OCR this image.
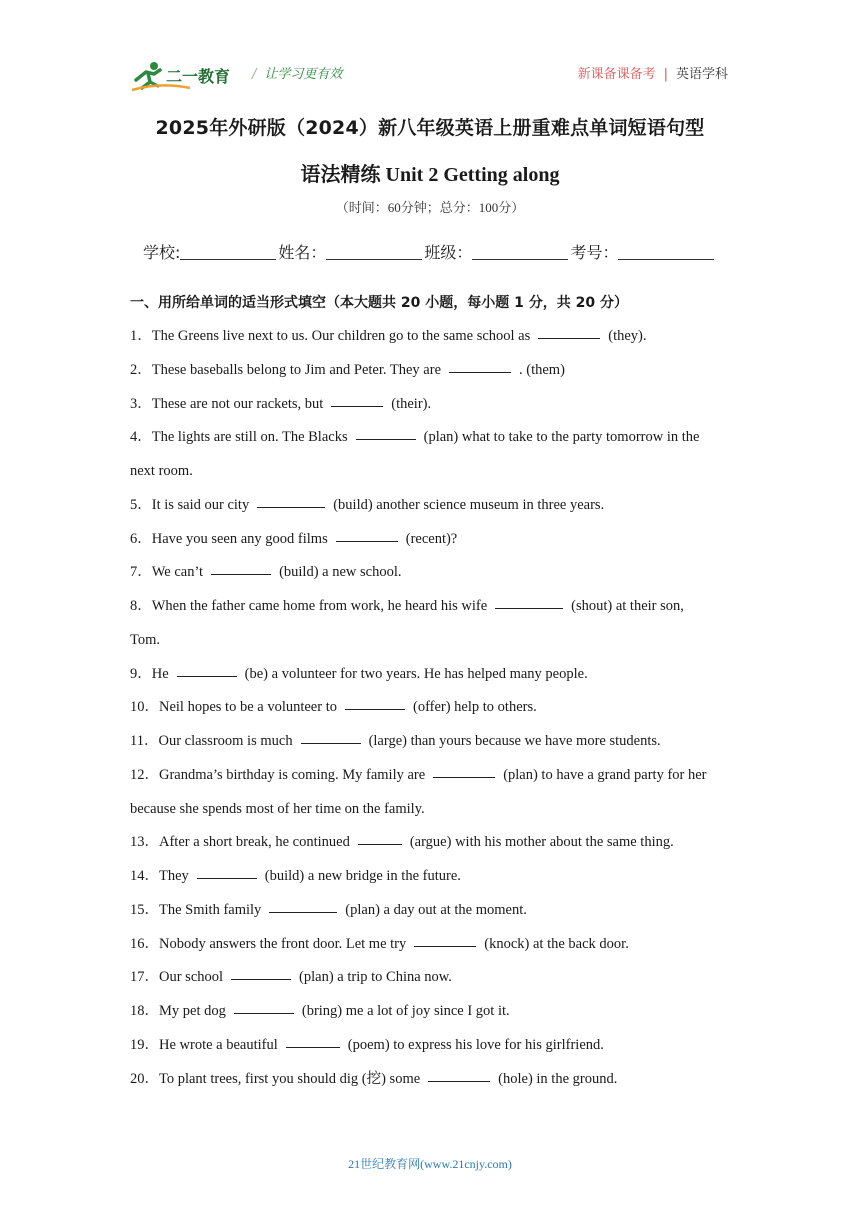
二一教育 / 让学习更有效	新课备课备考 | 英语学科
2025年外研版（2024）新八年级英语上册重难点单词短语句型
语法精练 Unit 2 Getting along
（时间：60分钟；总分：100分）
学校:	姓名：	班级：	考号：
一、用所给单词的适当形式填空（本大题共 20 小题，每小题 1 分，共 20 分）
1．The Greens live next to us. Our children go to the same school as	(they).
2．These baseballs belong to Jim and Peter. They are	. (them)
3．These are not our rackets, but	(their).
4．The lights are still on. The Blacks	(plan) what to take to the party tomorrow in the
next room.
5．It is said our city	(build) another science museum in three years.
6．Have you seen any good films	(recent)?
7．We can’t	(build) a new school.
8．When the father came home from work, he heard his wife	(shout) at their son,
Tom.
9．He	(be) a volunteer for two years. He has helped many people.
10．Neil hopes to be a volunteer to	(offer) help to others.
11．Our classroom is much	(large) than yours because we have more students.
12．Grandma’s birthday is coming. My family are	(plan) to have a grand party for her
because she spends most of her time on the family.
13．After a short break, he continued	(argue) with his mother about the same thing.
14．They	(build) a new bridge in the future.
15．The Smith family	(plan) a day out at the moment.
16．Nobody answers the front door. Let me try	(knock) at the back door.
17．Our school	(plan) a trip to China now.
18．My pet dog	(bring) me a lot of joy since I got it.
19．He wrote a beautiful	(poem) to express his love for his girlfriend.
20．To plant trees, first you should dig (挖) some	(hole) in the ground.
21世纪教育网(www.21cnjy.com)
